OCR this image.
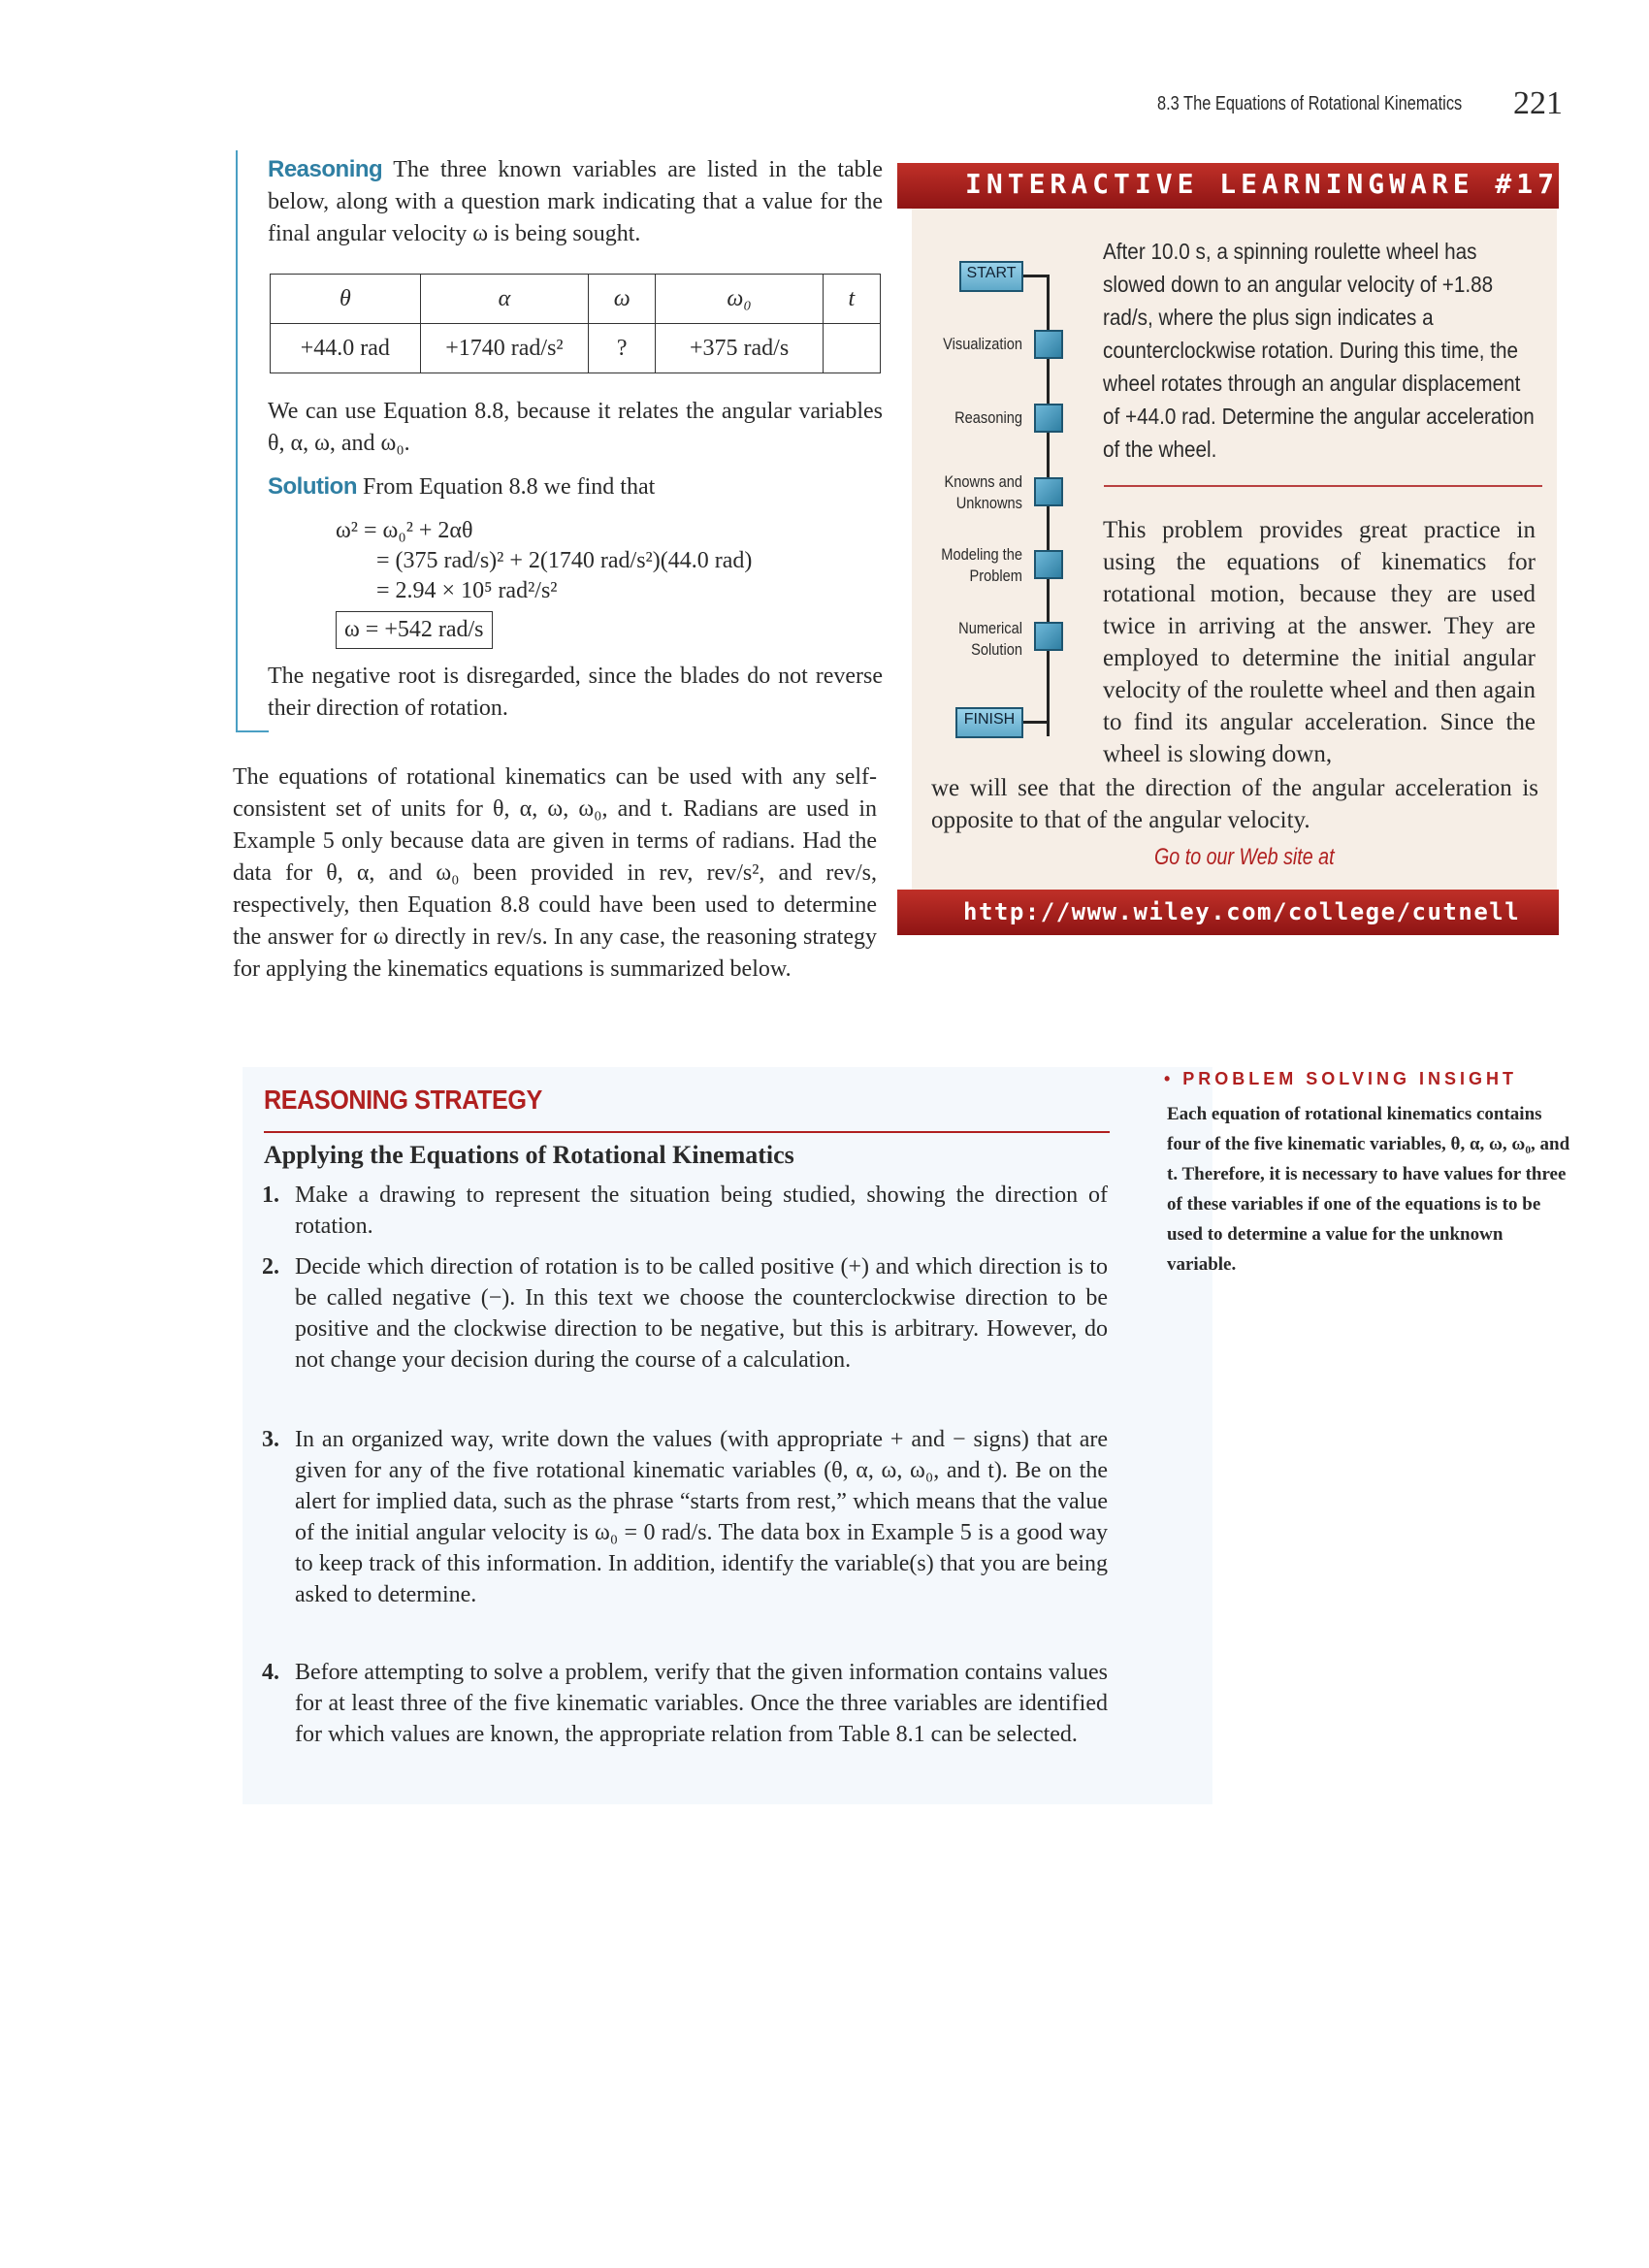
8.3 The Equations of Rotational Kinematics 221
Reasoning The three known variables are listed in the table below, along with a question mark indicating that a value for the final angular velocity ω is being sought.
θ	α	ω	ω₀	t
+44.0 rad	+1740 rad/s²	?	+375 rad/s	
We can use Equation 8.8, because it relates the angular variables θ, α, ω, and ω₀.
Solution From Equation 8.8 we find that
ω² = ω₀² + 2αθ
= (375 rad/s)² + 2(1740 rad/s²)(44.0 rad)
= 2.94 × 10⁵ rad²/s²
ω = +542 rad/s
The negative root is disregarded, since the blades do not reverse their direction of rotation.
The equations of rotational kinematics can be used with any self-consistent set of units for θ, α, ω, ω₀, and t. Radians are used in Example 5 only because data are given in terms of radians. Had the data for θ, α, and ω₀ been provided in rev, rev/s², and rev/s, respectively, then Equation 8.8 could have been used to determine the answer for ω directly in rev/s. In any case, the reasoning strategy for applying the kinematics equations is summarized below.
INTERACTIVE LEARNINGWARE #17
START
FINISH
Visualization
Reasoning
Knowns and Unknowns
Modeling the Problem
Numerical Solution
After 10.0 s, a spinning roulette wheel has slowed down to an angular velocity of +1.88 rad/s, where the plus sign indicates a counterclockwise rotation. During this time, the wheel rotates through an angular displacement of +44.0 rad. Determine the angular acceleration of the wheel.
This problem provides great practice in using the equations of kinematics for rotational motion, because they are used twice in arriving at the answer. They are employed to determine the initial angular velocity of the roulette wheel and then again to find its angular acceleration. Since the wheel is slowing down,
we will see that the direction of the angular acceleration is opposite to that of the angular velocity.
Go to our Web site at
http://www.wiley.com/college/cutnell
REASONING STRATEGY
Applying the Equations of Rotational Kinematics
1. Make a drawing to represent the situation being studied, showing the direction of rotation.
2. Decide which direction of rotation is to be called positive (+) and which direction is to be called negative (−). In this text we choose the counterclockwise direction to be positive and the clockwise direction to be negative, but this is arbitrary. However, do not change your decision during the course of a calculation.
3. In an organized way, write down the values (with appropriate + and − signs) that are given for any of the five rotational kinematic variables (θ, α, ω, ω₀, and t). Be on the alert for implied data, such as the phrase “starts from rest,” which means that the value of the initial angular velocity is ω₀ = 0 rad/s. The data box in Example 5 is a good way to keep track of this information. In addition, identify the variable(s) that you are being asked to determine.
4. Before attempting to solve a problem, verify that the given information contains values for at least three of the five kinematic variables. Once the three variables are identified for which values are known, the appropriate relation from Table 8.1 can be selected.
• PROBLEM SOLVING INSIGHT
Each equation of rotational kinematics contains four of the five kinematic variables, θ, α, ω, ω₀, and t. Therefore, it is necessary to have values for three of these variables if one of the equations is to be used to determine a value for the unknown variable.
